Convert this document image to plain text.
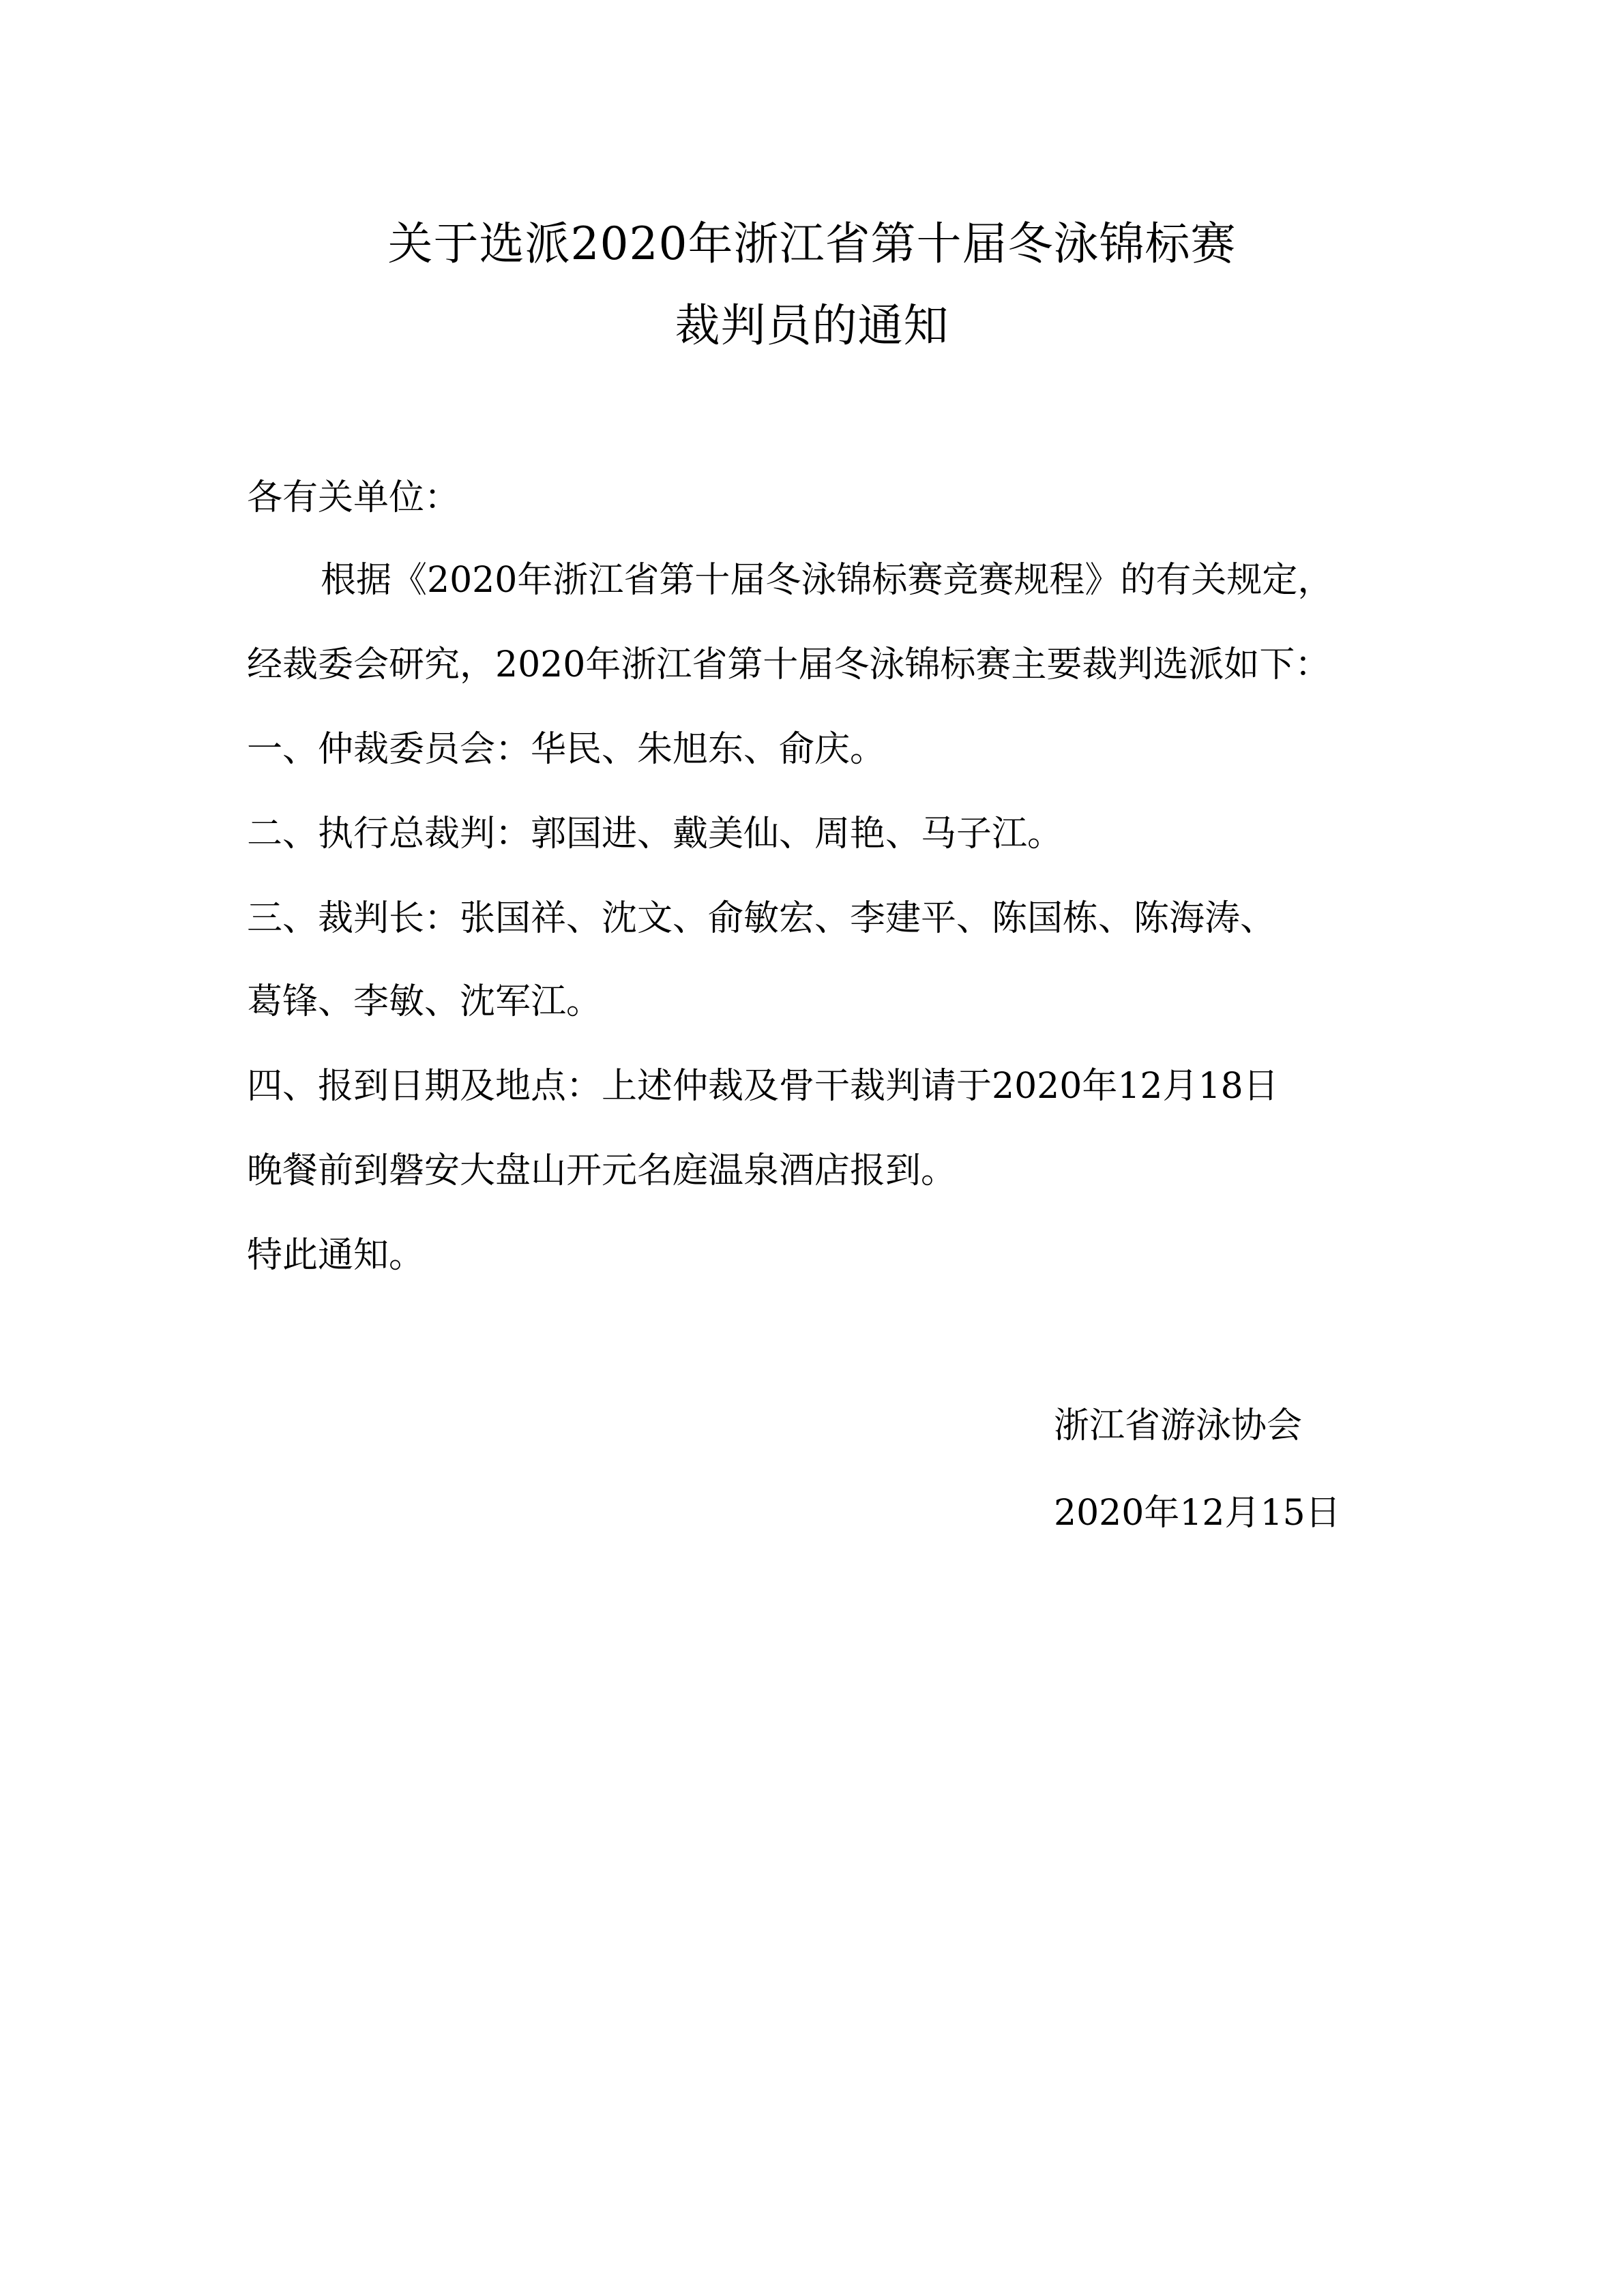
关于选派2020年浙江省第十届冬泳锦标赛
裁判员的通知
各有关单位：
根据《2020年浙江省第十届冬泳锦标赛竞赛规程》的有关规定，
经裁委会研究，2020年浙江省第十届冬泳锦标赛主要裁判选派如下：
一、仲裁委员会：华民、朱旭东、俞庆。
二、执行总裁判：郭国进、戴美仙、周艳、马子江。
三、裁判长：张国祥、沈文、俞敏宏、李建平、陈国栋、陈海涛、
葛锋、李敏、沈军江。
四、报到日期及地点：上述仲裁及骨干裁判请于2020年12月18日
晚餐前到磐安大盘山开元名庭温泉酒店报到。
特此通知。
浙江省游泳协会
2020年12月15日
